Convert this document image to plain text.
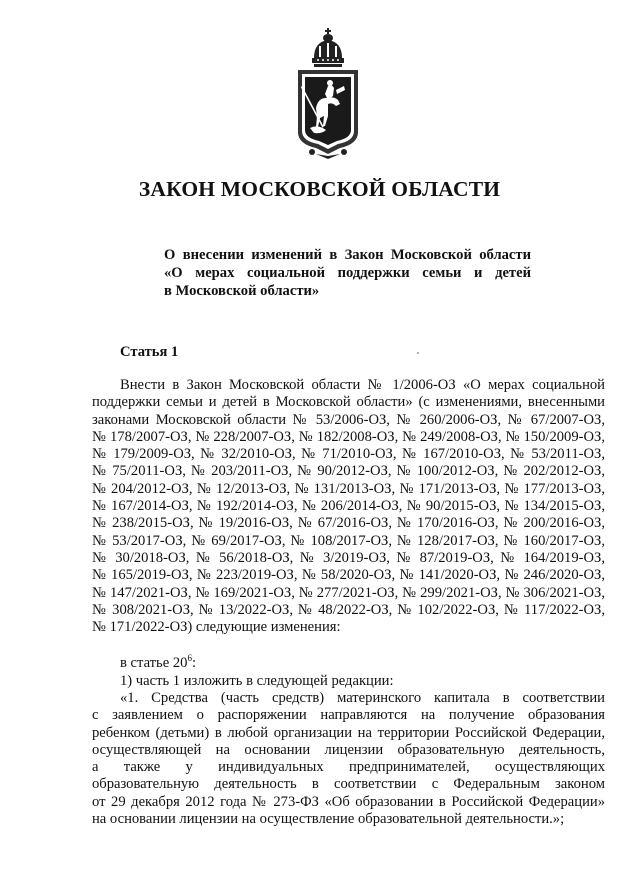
ЗАКОН МОСКОВСКОЙ ОБЛАСТИ
О внесении изменений в Закон Московской области
«О мерах социальной поддержки семьи и детей
в Московской области»
Статья 1
Внести в Закон Московской области № 1/2006-ОЗ «О мерах социальной
поддержки семьи и детей в Московской области» (с изменениями, внесенными
законами Московской области № 53/2006-ОЗ, № 260/2006-ОЗ, № 67/2007-ОЗ,
№ 178/2007-ОЗ, № 228/2007-ОЗ, № 182/2008-ОЗ, № 249/2008-ОЗ, № 150/2009-ОЗ,
№ 179/2009-ОЗ, № 32/2010-ОЗ, № 71/2010-ОЗ, № 167/2010-ОЗ, № 53/2011-ОЗ,
№ 75/2011-ОЗ, № 203/2011-ОЗ, № 90/2012-ОЗ, № 100/2012-ОЗ, № 202/2012-ОЗ,
№ 204/2012-ОЗ, № 12/2013-ОЗ, № 131/2013-ОЗ, № 171/2013-ОЗ, № 177/2013-ОЗ,
№ 167/2014-ОЗ, № 192/2014-ОЗ, № 206/2014-ОЗ, № 90/2015-ОЗ, № 134/2015-ОЗ,
№ 238/2015-ОЗ, № 19/2016-ОЗ, № 67/2016-ОЗ, № 170/2016-ОЗ, № 200/2016-ОЗ,
№ 53/2017-ОЗ, № 69/2017-ОЗ, № 108/2017-ОЗ, № 128/2017-ОЗ, № 160/2017-ОЗ,
№ 30/2018-ОЗ, № 56/2018-ОЗ, № 3/2019-ОЗ, № 87/2019-ОЗ, № 164/2019-ОЗ,
№ 165/2019-ОЗ, № 223/2019-ОЗ, № 58/2020-ОЗ, № 141/2020-ОЗ, № 246/2020-ОЗ,
№ 147/2021-ОЗ, № 169/2021-ОЗ, № 277/2021-ОЗ, № 299/2021-ОЗ, № 306/2021-ОЗ,
№ 308/2021-ОЗ, № 13/2022-ОЗ, № 48/2022-ОЗ, № 102/2022-ОЗ, № 117/2022-ОЗ,
№ 171/2022-ОЗ) следующие изменения:
в статье $20^6$:
1) часть 1 изложить в следующей редакции:
«1. Средства (часть средств) материнского капитала в соответствии
с заявлением о распоряжении направляются на получение образования
ребенком (детьми) в любой организации на территории Российской Федерации,
осуществляющей на основании лицензии образовательную деятельность,
а также у индивидуальных предпринимателей, осуществляющих
образовательную деятельность в соответствии с Федеральным законом
от 29 декабря 2012 года № 273-ФЗ «Об образовании в Российской Федерации»
на основании лицензии на осуществление образовательной деятельности.»;
